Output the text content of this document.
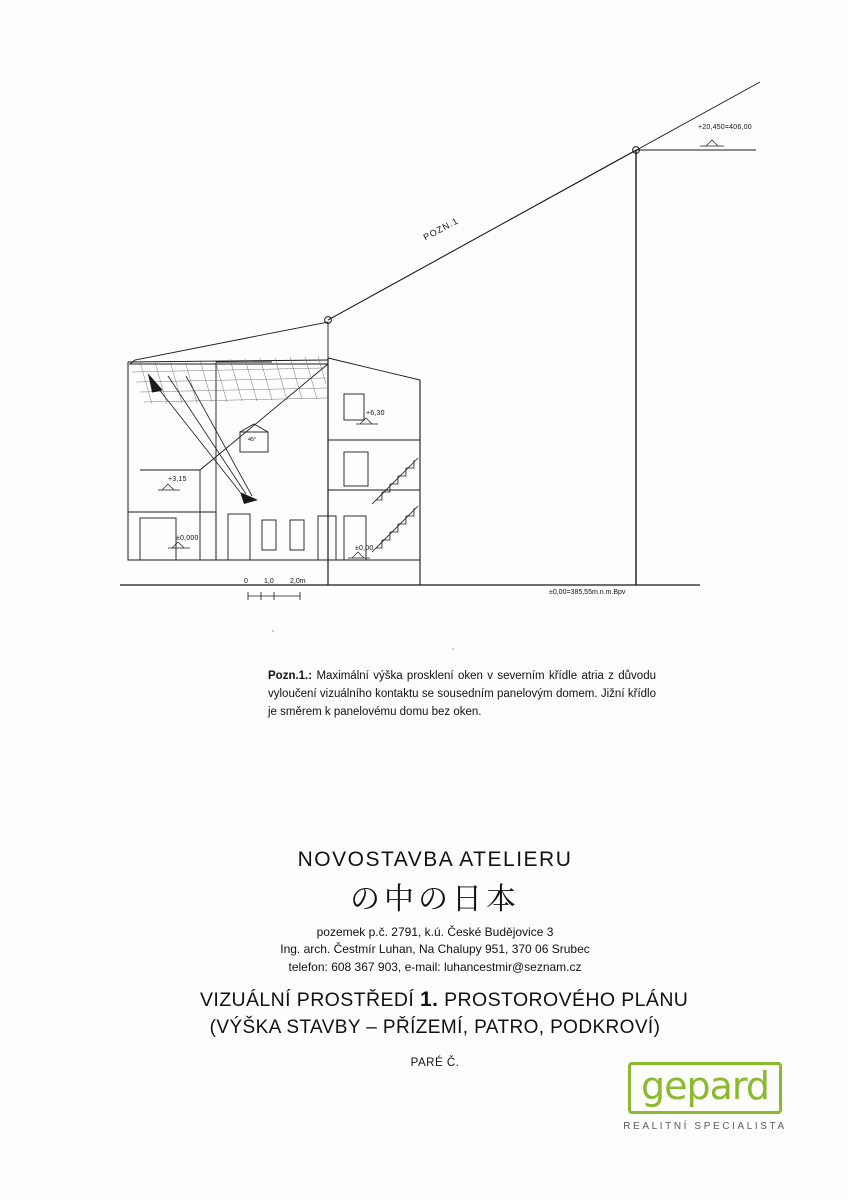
+20,450=406,00
+6,30
+3,15
±0,000
±0,00
±0,00=385,55m.n.m.Bpv
45°
0 1,0 2,0m
POZN.1
Pozn.1.: Maximální výška prosklení oken v severním křídle atria z důvodu vyloučení vizuálního kontaktu se sousedním panelovým domem. Jižní křídlo je směrem k panelovému domu bez oken.
NOVOSTAVBA ATELIERU
の中の日本
pozemek p.č. 2791, k.ú. České Budějovice 3
Ing. arch. Čestmír Luhan, Na Chalupy 951, 370 06 Srubec
telefon: 608 367 903, e-mail: luhancestmir@seznam.cz
VIZUÁLNÍ PROSTŘEDÍ 1. PROSTOROVÉHO PLÁNU
(VÝŠKA STAVBY – PŘÍZEMÍ, PATRO, PODKROVÍ)
PARÉ Č.
gepard
REALITNÍ SPECIALISTA
